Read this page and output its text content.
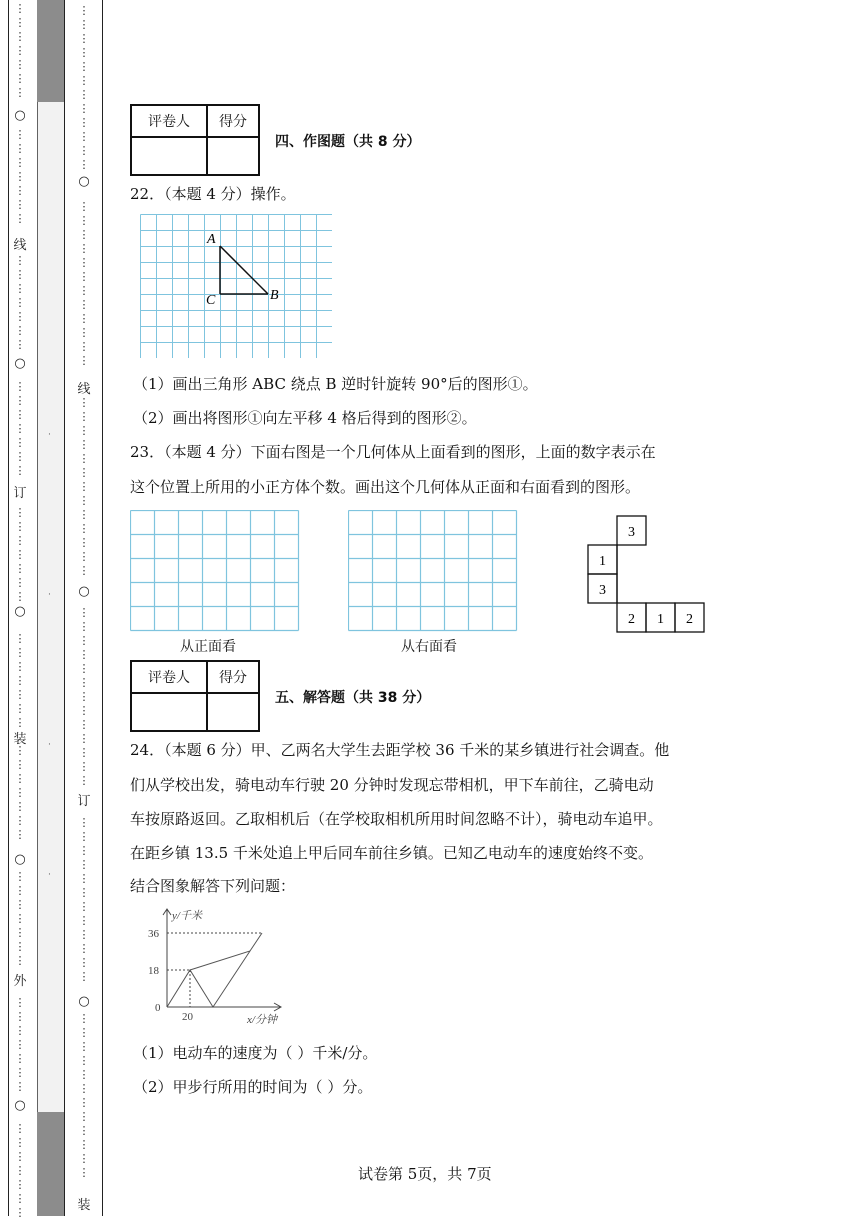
·
·
·
·
⋮
⋮
⋮
⋮
⋮
⋮
⋮
⋮
⋮
⋮
⋮
⋮
⋮
⋮
⋮
⋮
⋮
⋮
⋮
⋮
⋮
⋮
⋮
⋮
⋮
⋮
⋮
⋮
⋮
⋮
⋮
⋮
⋮
⋮
⋮
⋮
⋮
⋮
⋮
⋮
⋮
⋮
⋮
⋮
⋮
⋮
⋮
⋮
⋮
⋮
⋮
⋮
⋮
⋮
⋮
⋮
⋮
⋮
⋮
⋮
⋮
⋮
⋮
⋮
⋮
⋮
⋮
⋮
⋮
⋮
○
线
○
订
○
装
○
外
○
⋮
⋮
⋮
⋮
⋮
⋮
⋮
⋮
⋮
⋮
⋮
⋮
⋮
⋮
⋮
⋮
⋮
⋮
⋮
⋮
⋮
⋮
⋮
⋮
⋮
⋮
⋮
⋮
⋮
⋮
⋮
⋮
⋮
⋮
⋮
⋮
⋮
⋮
⋮
⋮
⋮
⋮
⋮
⋮
⋮
⋮
⋮
⋮
⋮
⋮
⋮
⋮
⋮
⋮
⋮
⋮
⋮
⋮
⋮
⋮
⋮
⋮
⋮
⋮
⋮
⋮
⋮
⋮
⋮
⋮
⋮
⋮
⋮
⋮
○
线
○
订
○
装
评卷人	得分

四、作图题（共 8 分）
22．（本题 4 分）操作。
A
B
C
（1）画出三角形 ABC 绕点 B 逆时针旋转 90°后的图形①。
（2）画出将图形①向左平移 4 格后得到的图形②。
23．（本题 4 分）下面右图是一个几何体从上面看到的图形，上面的数字表示在
这个位置上所用的小正方体个数。画出这个几何体从正面和右面看到的图形。
从正面看	从右面看
3
1
3
2 1 2
评卷人	得分

五、解答题（共 38 分）
24．（本题 6 分）甲、乙两名大学生去距学校 36 千米的某乡镇进行社会调查。他
们从学校出发，骑电动车行驶 20 分钟时发现忘带相机，甲下车前往，乙骑电动
车按原路返回。乙取相机后（在学校取相机所用时间忽略不计），骑电动车追甲。
在距乡镇 13.5 千米处追上甲后同车前往乡镇。已知乙电动车的速度始终不变。
结合图象解答下列问题：
y/千米
36
18
0
20	x/分钟
（1）电动车的速度为（ ）千米/分。
（2）甲步行所用的时间为（ ）分。
试卷第 5页，共 7页
